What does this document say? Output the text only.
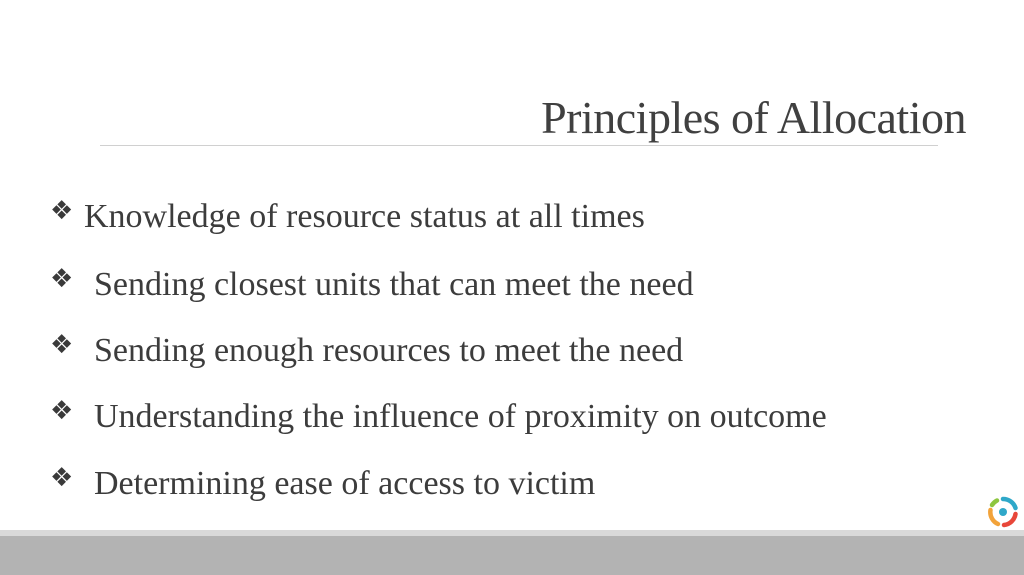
Principles of Allocation
❖ Knowledge of resource status at all times
❖ Sending closest units that can meet the need
❖ Sending enough resources to meet the need
❖ Understanding the influence of proximity on outcome
❖ Determining ease of access to victim
